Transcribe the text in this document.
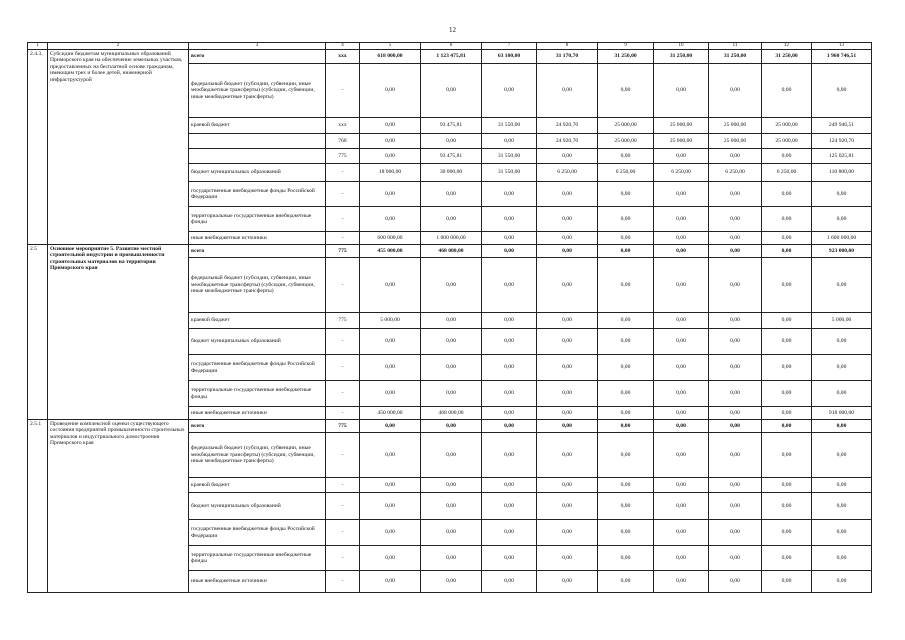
12
1	2	3	4	5	6	7	8	9	10	11	12	13
2.4.3.	Субсидии бюджетам муниципальных образований Приморского края на обеспечение земельных участков, предоставленных на бесплатной основе гражданам, имеющим трех и более детей, инженерной инфраструктурой	всего	xxx	618 000,00	1 123 475,81	63 100,00	31 170,70	31 250,00	31 250,00	31 250,00	31 250,00	1 960 746,51
		федеральный бюджет (субсидии, субвенции, иные межбюджетные трансферты) (субсидии, субвенции, иные межбюджетные трансферты)	-	0,00	0,00	0,00	0,00	0,00	0,00	0,00	0,00	0,00
		краевой бюджет	xxx	0,00	93 475,81	31 550,00	24 920,70	25 000,00	25 000,00	25 000,00	25 000,00	249 946,51
			768	0,00	0,00	0,00	24 920,70	25 000,00	25 000,00	25 000,00	25 000,00	124 920,70
			775	0,00	93 475,81	31 550,00	0,00	0,00	0,00	0,00	0,00	125 025,81
		бюджет муниципальных образований	-	18 000,00	30 000,00	31 550,00	6 250,00	6 250,00	6 250,00	6 250,00	6 250,00	110 800,00
		государственные внебюджетные фонды Российской Федерации	-	0,00	0,00	0,00	0,00	0,00	0,00	0,00	0,00	0,00
		территориальные государственные внебюджетные фонды	-	0,00	0,00	0,00	0,00	0,00	0,00	0,00	0,00	0,00
		иные внебюджетные источники	-	600 000,00	1 000 000,00	0,00	0,00	0,00	0,00	0,00	0,00	1 600 000,00
2.5	Основное мероприятие 5. Развитие местной строительной индустрии и промышленности строительных материалов на территории Приморского края	всего	775	455 000,00	468 000,00	0,00	0,00	0,00	0,00	0,00	0,00	923 000,00
		федеральный бюджет (субсидии, субвенции, иные межбюджетные трансферты) (субсидии, субвенции, иные межбюджетные трансферты)	-	0,00	0,00	0,00	0,00	0,00	0,00	0,00	0,00	0,00
		краевой бюджет	775	5 000,00	0,00	0,00	0,00	0,00	0,00	0,00	0,00	5 000,00
		бюджет муниципальных образований	-	0,00	0,00	0,00	0,00	0,00	0,00	0,00	0,00	0,00
		государственные внебюджетные фонды Российской Федерации	-	0,00	0,00	0,00	0,00	0,00	0,00	0,00	0,00	0,00
		территориальные государственные внебюджетные фонды	-	0,00	0,00	0,00	0,00	0,00	0,00	0,00	0,00	0,00
		иные внебюджетные источники	-	450 000,00	468 000,00	0,00	0,00	0,00	0,00	0,00	0,00	918 000,00
2.5.1	Проведение комплексной оценки существующего состояния предприятий промышленности строительных материалов и индустриального домостроения Приморского края	всего	775	0,00	0,00	0,00	0,00	0,00	0,00	0,00	0,00	0,00
		федеральный бюджет (субсидии, субвенции, иные межбюджетные трансферты) (субсидии, субвенции, иные межбюджетные трансферты)	-	0,00	0,00	0,00	0,00	0,00	0,00	0,00	0,00	0,00
		краевой бюджет	-	0,00	0,00	0,00	0,00	0,00	0,00	0,00	0,00	0,00
		бюджет муниципальных образований	-	0,00	0,00	0,00	0,00	0,00	0,00	0,00	0,00	0,00
		государственные внебюджетные фонды Российской Федерации	-	0,00	0,00	0,00	0,00	0,00	0,00	0,00	0,00	0,00
		территориальные государственные внебюджетные фонды	-	0,00	0,00	0,00	0,00	0,00	0,00	0,00	0,00	0,00
		иные внебюджетные источники	-	0,00	0,00	0,00	0,00	0,00	0,00	0,00	0,00	0,00
